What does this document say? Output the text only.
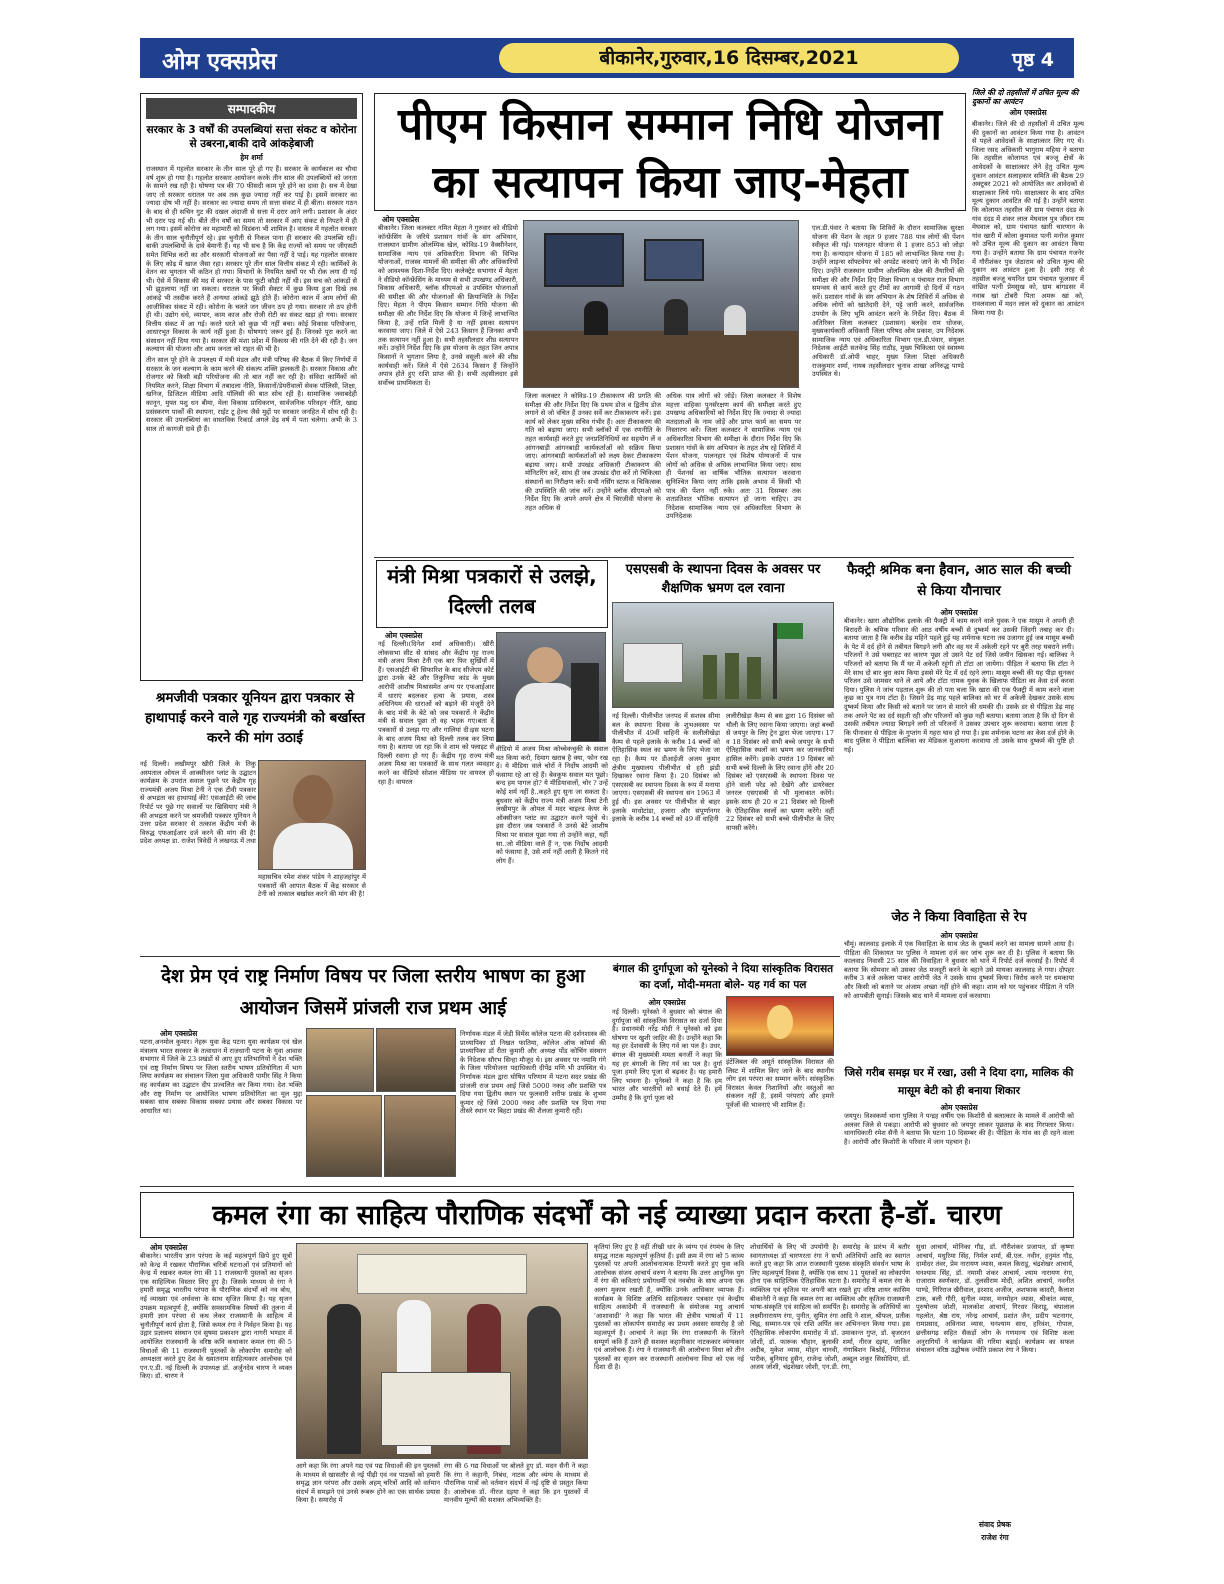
ओम एक्सप्रेस	बीकानेर,गुरुवार,16 दिसम्बर,2021	पृष्ठ 4
सम्पादकीय
सरकार के 3 वर्षों की उपलब्धियां सत्ता संकट व कोरोना से उबरना,बाकी दावे आंकड़ेबाजी
हेम शर्मा

राजस्थान में गहलोत सरकार के तीन साल पूरे हो गए हैं। सरकार के कार्यकाल का चौथा वर्ष शुरू हो गया है। गहलोत सरकार आयोजन करके तीन साल की उपलब्धियों को जनता के सामने रख रही है। घोषणा पत्र की 70 फीसदी काम पूरे होने का दावा है। सच में देखा जाए तो सरकार धरातल पर अब तक कुछ ज्यादा नहीं कर पाई है। इसमें सरकार का ज्यादा दोष भी नहीं है। सरकार का ज्यादा समय तो सत्ता संकट में ही बीता। सरकार गठन के बाद से ही सचिन गुट की दखल अंदाजी से सत्ता में दरार आने लगी। प्रशासन के अंदर भी दरार पड़ गई थी। बीते तीन वर्षों का समय तो सरकार में आए संकट से निपटने में ही लग गया। इसमें कोरोना का महामारी को विडंबना भी शामिल है। वास्तव में गहलोत सरकार के तीन साल चुनौतीपूर्ण रहे। इस चुनौती से निकल पाना ही सरकार की उपलब्धि रही। बाकी उपलब्धियों के दावे बेमानी हैं। यह भी सच है कि केंद्र राज्यों को समय पर जीएसटी समेत विभिन्न करों का और सरकारी योजनाओं का पैसा नहीं दे पाई। यह गहलोत सरकार के लिए कोढ़ में खाज जैसा रहा। सरकार पूरे तीन साल वित्तीय संकट में रही। कार्मिकों के वेतन का भुगतान भी कठिन हो गया। विभागों के नियमित खर्चों पर भी रोक लगा दी गई थी। ऐसे में विकास की मद में सरकार के पास फूटी कौड़ी नहीं थी। इस सच को आंकड़ों से भी झुठलाया नहीं जा सकता। धरातल पर किसी सेक्टर में कुछ किया हुआ दिखे तब आंकड़े भी तस्दीक करते हैं अन्यथा आंकड़े झूठे होते हैं। कोरोना काल में आम लोगों की आजीविका संकट में रही। कोरोना के चलते जन जीवन ठप हो गया। सरकार तो ठप होनी ही थी। उद्योग धंधे, व्यापार, काम काज और रोजी रोटी का संकट खड़ा हो गया। सरकार वित्तीय संकट में आ गई। करते धरते को कुछ भी नहीं बचा। कोई विकास परियोजना, आधारभूत विकास के कार्य नहीं हुआ है। घोषणाएं जरूर हुई हैं। जिनको पूरा करने का संसाधन नहीं दिया गया है। सरकार की मंशा प्रदेश में विकास की गति देने की रही है। जन कल्याण की योजना और आम जनता को राहत की भी है।

तीन साल पूरे होने के उपलक्ष्य में मंत्री मंडल और मंत्री परिषद की बैठक में किए निर्णयों में सरकार के जन कल्याण के काम करने की संकल्प शक्ति झलकती है। सरकार विकास और रोजगार को किसी बड़ी परियोजना की तो बात नहीं कर रही है। संविदा कार्मिकों को नियमित करने, शिक्षा विभाग में तबादला नीति, किसानों/डेयरीवालों सेवक पॉलिसी, शिक्षा, खनिज, डिजिटल मीडिया आदि पॉलिसी की बात सोच रही है। सामाजिक जवाबदेही कानून, मुफ्त पशु धन बीमा, मेला विकास प्राधिकरण, सार्वजनिक परिवहन नीति, खाद्य प्रसंस्करण पार्कों की स्थापना, राईट टू हेल्थ जैसे मुद्दों पर सरकार जनहित में सोच रही है। सरकार की उपलब्धियां का वास्तविक रिकार्ड अगले डेढ़ वर्ष में पता चलेगा। अभी के 3 साल तो कागजी दावे ही हैं।

पीएम किसान सम्मान निधि योजना का सत्यापन किया जाए-मेहता
ओम एक्सप्रेस
बीकानेर। जिला कलक्टर नमित मेहता ने गुरुवार को वीडियो कॉन्फ्रेंसिंग के जरिये प्रशासन गांवों के संग अभियान, राजस्थान ग्रामीण ओलम्पिक खेल, कोविड-19 वैक्सीनेशन, सामाजिक न्याय एवं अधिकारिता विभाग की विभिन्न योजनाओं, राजस्व मामलों की समीक्षा की और अधिकारियों को आवश्यक दिशा-निर्देश दिए। कलेक्ट्रेट सभागार में मेहता ने वीडियो कॉन्फ्रेंसिंग के माध्यम से सभी उपखण्ड अधिकारी, विकास अधिकारी, ब्लॉक सीएमओ व उपस्थित योजनाओं की समीक्षा की और योजनाओं की क्रियान्विति के निर्देश दिए। मेहता ने पीएम किसान सम्मान निधि योजना की समीक्षा की और निर्देश दिए कि योजना में जिन्हें लाभान्वित किया है, उन्हें राशि मिली है या नहीं इसका सत्यापन करवाया जाए। जिले में ऐसे 243 किसान हैं जिनका अभी तक सत्यापन नहीं हुआ है। सभी तहसीलदार शीघ्र सत्यापन करें। उन्होंने निर्देश दिए कि इस योजना के तहत जिन अपात्र किसानों ने भुगतान लिया है, उनसे वसूली करने की शीघ्र कार्यवाही करें। जिले में ऐसे 2634 किसान हैं जिन्होंने अपात्र होते हुए राशि प्राप्त की है। सभी तहसीलदार इसे सर्वोच्च प्राथमिकता दें।
जिला कलक्टर ने कोविड-19 टीकाकरण की प्रगति की समीक्षा की और निर्देश दिए कि प्रथम डोज व द्वितीय डोज लगाने से जो वंचित हैं उनका सर्वे कर टीकाकरण करें। इस कार्य को लेकर मुख्य सचिव गंभीर हैं। अतः टीकाकरण की गति को बढ़ाया जाए। सभी ब्लॉकों में एक रणनीति के तहत कार्यवाही करते हुए जनप्रतिनिधियों का सहयोग लें व आंगनबाड़ी आंगनबाड़ी कार्यकर्ताओं को सक्रिय किया जाए। आंगनबाड़ी कार्यकर्ताओं को लक्ष्य देकर टीकाकरण बढ़ाया जाए। सभी उपखंड अधिकारी टीकाकरण की मॉनिटरिंग करें, साथ ही जब उपखंड दौरा करें तो चिकित्सा संस्थानों का निरीक्षण करें। सभी नर्सिंग स्टाफ व चिकित्सक की उपस्थिति की जांच करें। उन्होंने ब्लॉक सीएमओ को निर्देश दिए कि अपने अपने क्षेत्र में चिरंजीवी योजना के तहत अधिक से
अधिक पात्र लोगों को जोड़ें। जिला कलक्टर ने विशेष महत्ता वाहिका पुनर्संरक्षण कार्य की समीक्षा करते हुए उपखण्ड अधिकारियों को निर्देश दिए कि ज्यादा से ज्यादा मतदाताओं के नाम जोड़ें और प्राप्त फार्म का समय पर निस्तारण करें। जिला कलक्टर ने सामाजिक न्याय एवं अधिकारिता विभाग की समीक्षा के दौरान निर्देश दिए कि प्रशासन गांवों के संग अभियान के तहत शेष रहे शिविरों में पेंशन योजना, पालनहार एवं विशेष योग्यजनों में पात्र लोगों को अधिक से अधिक लाभान्वित किया जाए। साथ ही पेंशनर्स का वार्षिक भौतिक सत्यापन करवाना सुनिश्चित किया जाए ताकि इसके अभाव में किसी भी पात्र की पेंशन नहीं रुके। अतः 31 दिसम्बर तक शतप्रतिशत भौतिक सत्यापन हो जाना चाहिए। उप निदेशक सामाजिक न्याय एवं अधिकारिता विभाग के उपनिदेशक
एल.डी.पंवार ने बताया कि शिविरों के दौरान सामाजिक सुरक्षा योजना की पेंशन के तहत 9 हजार 788 पात्र लोगों की पेंशन स्वीकृत की गई। पालनहार योजना से 1 हजार 853 को जोड़ा गया है। कन्यादान योजना में 185 को लाभान्वित किया गया है। उन्होंने लाइन्स सॉफ्टवेयर को अपडेट करवाएं जाने के भी निर्देश दिए। उन्होंने राजस्थान ग्रामीण ओलम्पिक खेल की तैयारियों की समीक्षा की और निर्देश दिए शिक्षा विभाग व पंचायत राज विभाग समन्वय से कार्य करते हुए टीमों का आगामी दो दिनों में गठन करें। प्रशासन गांवों के संग अभियान के शेष शिविरों में अधिक से अधिक लोगों को खातेदारी देने, पट्टे जारी करने, सार्वजनिक उपयोग के लिए भूमि आवंटन करने के निर्देश दिए। बैठक में अतिरिक्त जिला कलक्टर (प्रशासन) बलदेव राम धोजक, मुख्यकार्यकारी अधिकारी जिला परिषद ओम प्रकाश, उप निदेशक सामाजिक न्याय एवं अधिकारिता विभाग एल.डी.पंवार, संयुक्त निदेशक आईटी सतवेन्द्र सिंह राठौड़, मुख्य चिकित्सा एवं स्वास्थ्य अधिकारी डॉ.ओपी चाहर, मुख्य जिला शिक्षा अधिकारी राजकुमार शर्मा, नायब तहसीलदार चुनाव शाखा अनिरुद्ध पाण्डे उपस्थित थे।
जिले की दो तहसीलों में उचित मूल्य की दुकानों का आवंटन
ओम एक्सप्रेस
बीकानेर। जिले की दो तहसीलों में उचित मूल्य की दुकानों का आवंटन किया गया है। आवंटन से पहले आवेदकों के साक्षात्कार लिए गए थे। जिला रसद अधिकारी भागुराम महिया ने बताया कि तहसील कोलायत एवं बज्जू क्षेत्रों के आवेदकों के साक्षात्कार लेने हेतु उचित मूल्य दुकान आवंटन सलाहकार समिति की बैठक 29 अक्टूबर 2021 को आयोजित कर आवेदकों से साक्षात्कार लिये गये। साक्षात्कार के बाद उचित मूल्य दुकान आवंटित की गई है। उन्होंने बताया कि कोलायत तहसील की ग्राम पंचायत दंदड के गांव दंदड में शंकर लाल मेघवाल पुत्र जीवन राम मेघवाल को, ग्राम पंचायत खारी चारणान के गांव खारी में कोला कुमावत पत्नी मनोज कुमार को उचित मूल्य की दुकान का आवंटन किया गया है। उन्होंने बताया कि ग्राम पंचायत गजनेर में गौरीशंकर पुत्र जेठाराम को उचित मूल्य की दुकान का आवंटन हुआ है। इसी तरह से तहसील बज्जू चयनित ग्राम पंचायत फूलासर में वांछित पत्नी प्रेमसुख को, ग्राम बांगडसर में नवाब खां टोबरी पिता अमरू खां को, रावलवाला में मदन लाल को दुकान का आवंटन किया गया है।
श्रमजीवी पत्रकार यूनियन द्वारा पत्रकार से हाथापाई करने वाले गृह राज्यमंत्री को बर्खास्त करने की मांग उठाई
नई दिल्ली। लखीमपुर खीरी जिले के तिकु अस्पताल ओयल में आक्सीजन प्लांट के उद्घाटन कार्यक्रम के उपरांत सवाल पूछने पर केंद्रीय गृह राज्यमंत्री अजय मिश्रा टेनी ने एक टीवी पत्रकार से अभद्रता का हाथापाई की! एसआईटी की जांच रिपोर्ट पर पूछे गए सवालों पर खिसियाए मंत्री ने की अभद्रता करने पर श्रमजीवी पत्रकार यूनियन ने उत्तर प्रदेश सरकार से तत्काल केंद्रीय मंत्री के विरुद्ध एफआईआर दर्ज करने की मांग की है! प्रदेश अध्यक्ष डा. राजेश त्रिवेदी ने लखनऊ में तथा
महासचिव रमेश शंकर पांडेय ने शाहजहांपुर में पत्रकारों की आपात बैठक में केंद्र सरकार से टेनी को तत्काल बर्खास्त करने की मांग की है!
मंत्री मिश्रा पत्रकारों से उलझे, दिल्ली तलब
ओम एक्सप्रेस
नई दिल्ली।(दिनेश शर्मा अधिकारी)। खीरी लोकसभा सीट से सांसद और केंद्रीय गृह राज्य मंत्री अजय मिश्रा टेनी एक बार फिर सुर्खियों में हैं। एसआईटी की सिफारिश के बाद सीजेएम कोर्ट द्वारा उनके बेटे और तिकुनिया कांड के मुख्य आरोपी आशीष मिश्रासमेत अन्य पर एफआईआर में धाराएं बदलकर हत्या के प्रयास, शस्त्र अधिनियम की धाराओं को बढ़ाने की मंजूरी देने के बाद मंत्री के बेटे को जब पत्रकारों ने केंद्रीय मंत्री से सवाल पूछा तो वह भड़क गए।बता दें पत्रकारों से उलझ गए और गालियां दी।इस घटना के बाद अजय मिश्रा को दिल्ली तलब कर लिया गया है। बताया जा रहा कि वे शाम को फ्लाइट से दिल्ली रवाना हो गए हैं। केंद्रीय गृह राज्य मंत्री अजय मिश्रा का पत्रकारों के साथ गलत व्यवहार करने का वीडियो सोशल मीडिया पर वायरल हो रहा है। वायरल
वीडियो में अजय मिश्रा कोच्चेकचुकी के सवाल मत किया करो, दिमाग खराब है क्या, फोन रख दें। ये मीडिया वाले चोरों ने निर्दोष आदमी को फंसाया रहे आ रहे हैं। बेवकूफ सवाल मत पूछो। बन्द हम पागल हो? ये मीडियावालों, चोर ? उन्हें कोई शर्म नहीं है..कहते हुए सुना जा सकता है। बुधवार को केंद्रीय राज्य मंत्री अजय मिश्रा टेनी लखीमपुर के ओयल में मदर चाइल्ड केयर के ऑक्सीजन प्लांट का उद्घाटन करने पहुंचे थे। इस दौरान जब पत्रकारों ने उनसे बेटे आशीष मिश्रा पर सवाल पूछा गया तो उन्होंने कहा, यहीं सा..जो मीडिया वाले हैं न, एक निर्दोष आदमी को फंसाया है, उसे शर्म नहीं आती है कितने गंदे लोग हैं।
एसएसबी के स्थापना दिवस के अवसर पर शैक्षणिक भ्रमण दल रवाना
नई दिल्ली। पीलीभीत जनपद में सशस्त्र सीमा बल के स्थापना दिवस के शुभअवसर पर पीलीभीत में 49वीं वाहिनी के सलीलीखेड़ा कैम्प से पहले इलाके के करीब 14 बच्चों को ऐतिहासिक स्थल का भ्रमण के लिए भेजा जा रहा है। कैम्प पर डीआईजी अजय कुमार क्षेत्रीय मुख्यालय पीलीभीत से हरी झंडी दिखाकर रवाना किया है। 20 दिसंबर को एसएसबी का स्थापना दिवस के रूप में मनाया जाएगा। एसएसबी की स्थापना सन 1963 में हुई थी। इस अवसर पर पीलीभीत से बाहर इलाके माधोटांडा, हजारा और संपूर्णानगर इलाके के करीब 14 बच्चों को 49 वीं वाहिनी
ललीरीखेड़ा कैम्प से बस द्वारा 16 दिसंबर को थौली के लिए रवाना किया जाएगा। जहां बच्चों से जयपुर के लिए ट्रेन द्वारा भेजा जाएगा। 17 व 18 दिसंबर को सभी बच्चे जयपुर के सभी ऐतिहासिक स्थलों का भ्रमण कर जानकारियां हासिल करेंगे। इसके उपरांत 19 दिसंबर को सभी बच्चे दिल्ली के लिए रवाना होंगे और 20 दिसंबर को एसएसबी के स्थापना दिवस पर होने वाली परेड को देखेंगे और डायरेक्टर जनरल एसएसबी से भी मुलाकात करेंगे। इसके साथ ही 20 व 21 दिसंबर को दिल्ली के ऐतिहासिक स्थलों का भ्रमण करेंगे। वहीं 22 दिसंबर को सभी बच्चे पीलीभीत के लिए वापसी करेंगे।
फैक्ट्री श्रमिक बना हैवान, आठ साल की बच्ची से किया यौनाचार
ओम एक्सप्रेस
बीकानेर। खारा औद्योगिक इलाके की फैक्ट्री में काम करने वाले युवक ने एक मासूम ने अपनी ही बिरादरी के श्रमिक परिवार की आठ वर्षीय बच्ची से दुष्कर्म कर उसकी जिंदगी तबाह कर दी। बताया जाता है कि करीब डेढ़ महिने पहले हुई यह शर्मनाक घटना तब उजागर हुई जब मासूम बच्ची के पेट में दर्द होने से तबीयत बिगड़ने लगी और वह घर में अकेली रहने पर बुरी तरह घबराने लगी। परिजनों ने उसे घबराहट का कारण पूछा तो उसने पेट दर्द जिसे जमीन खिसका गई। बालिका ने परिजनों को बताया कि मैं घर में अकेली रहूंगी तो टॉटा आ जायेगा। पीड़िता ने बताया कि टॉटा ने मेरे साथ दो बार बुरा काम किया इससे मेरे पेट में दर्द रहने लगा। मासूम बच्ची की यह पीड़ा सुनकर परिजन उसे जामसर थाने ले आये और टॉटा नामक युवक के खिलाफ पीडिता का केस दर्ज करवा दिया। पुलिस ने जांच पड़ताल शुरू की तो पता चला कि खारा की एक फैक्ट्री में काम करने वाला कुछ का पुत्र नाम टॉटा है। जिसने डेढ़ माह पहले बालिका को घर में अकेली देखकर उसके साथ दुष्कर्म किया और किसी को बताने पर जान से मारने की धमकी दी। उसके डर से पीड़िता डेढ़ माह तक अपने पेट का दर्द सहती रही और परिजनों को कुछ नहीं बताया। बताया जाता है कि दो दिन से उसकी तबीयत ज्यादा बिगड़ने लगी तो परिजनों ने उसका उपचार शुरू करवाया। बताया जाता है कि पीनावार से पीड़िता के गुप्तांग में गहरा घाव हो गया है। इस शर्मनाक घटना का केस दर्ज होने के बाद पुलिस ने पीड़िता बालिका का मेडिकल मुआयना करवाया तो उसके साथ दुष्कर्म की पुष्टि हो गई।
जेठ ने किया विवाहिता से रेप
ओम एक्सप्रेस
चौमूं। कालवाड़ इलाके में एक विवाहिता के साथ जेठ के दुष्कर्म करने का मामला सामने आया है। पीड़िता की शिकायत पर पुलिस ने मामला दर्ज कर जांच शुरू कर दी है। पुलिस ने बताया कि कालवाड़ निवासी 25 साल की विवाहिता ने बुधवार को थाने में रिपोर्ट दर्ज करवाई है। रिपोर्ट में बताया कि सोमवार को उसका जेठ मजदूरी करने के बहाने उसे मायका कालवाड़ ले गया। दोपहर करीब 3 बजे अकेला पाकर आरोपी जेठ ने उसके साथ दुष्कर्म किया। विरोध करने पर धमकाया और किसी को बताने पर अंजाम अच्छा नहीं होने की कहा। शाम को घर पहुंचकर पीड़िता ने पति को आपबीती सुनाई। जिसके बाद थाने में मामला दर्ज करवाया।
देश प्रेम एवं राष्ट्र निर्माण विषय पर जिला स्तरीय भाषण का हुआ आयोजन जिसमें प्रांजली राज प्रथम आई
ओम एक्सप्रेस
पटना,अनमोल कुमार। नेहरू युवा केंद्र पटना युवा कार्यक्रम एवं खेल मंत्रालय भारत सरकार के तत्वाधान में राजधानी पटना के युवा आवास सभागार में जिले के 23 प्रखंडों से आए हुए प्रतिभागियों ने देश भक्ति एवं राष्ट्र निर्माण विषय पर जिला स्तरीय भाषण प्रतियोगिता में भाग लिया कार्यक्रम का संचालन जिला युवा अधिकारी पामीर सिंह ने किया वह कार्यक्रम का उद्घाटन दीप प्रज्वलित कर किया गया। देश भक्ति और राष्ट्र निर्माण पर आयोजित भाषण प्रतियोगिता का मूल मुद्दा सबका साथ सबका विकास सबका प्रयास और सबका विकास पर आधारित था।
निर्णायक मंडल में जेडी विमेंस कॉलेज पटना की दर्शनशास्त्र की प्राध्यापिका डॉ निखत फातिमा, कॉलेज ऑफ कॉमर्स की प्राध्यापिका डॉ रीता कुमारी और अध्यक्ष पोंड कोचिंग संस्थान के निदेशक सौरभ सिन्हा मौजूद थे। इस अवसर पर नमामि गंगे के जिला परियोजना पदाधिकारी दीपेंद्र मणि भी उपस्थित थे। निर्णायक मंडल द्वारा घोषित परिणाम में पटना सदर प्रखंड की प्रांजली राज प्रथम आई जिसे 5000 नकद और प्रशस्ति पत्र दिया गया द्वितीय स्थान पर फुलवारी शरीफ प्रखंड के शुभम कुमार रहे जिसे 2000 नकद और प्रशस्ति पत्र दिया गया तीसरे स्थान पर बिहटा प्रखंड की शैलजा कुमारी रही।
बंगाल की दुर्गापूजा को यूनेस्को ने दिया सांस्कृतिक विरासत का दर्जा, मोदी-ममता बोले- यह गर्व का पल
ओम एक्सप्रेस
नई दिल्ली। यूनेस्को ने बुधवार को बंगाल की दुर्गापूजा को सांस्कृतिक विरासत का दर्जा दिया है। प्रधानमंत्री नरेंद्र मोदी ने यूनेस्को को इस घोषणा पर खुशी जाहिर की है। उन्होंने कहा कि यह हर देशवासी के लिए गर्व का पल है। उधर, बंगाल की मुख्यमंत्री ममता बनर्जी ने कहा कि यह हर बंगाली के लिए गर्व का पल है। दुर्गा पूजा हमारे लिए पूजा से बढ़कर है। यह हमारी लिए भावना है। यूनेस्को ने कहा है कि हम भारत और भारतीयों को बधाई देते हैं। हमें उम्मीद है कि दुर्गा पूजा को
इंटेंजिबल की अमूर्त सांस्कृतिक विरासत की लिस्ट में शामिल किए जाने के बाद स्थानीय लोग इस परंपरा का सम्मान करेंगे। सांस्कृतिक विरासत केवल निशानियों और वस्तुओं का संकलन नहीं है, इसमें परंपराएं और हमारे पूर्वजों की भावनाएं भी शामिल हैं।
जिसे गरीब समझ घर में रखा, उसी ने दिया दगा, मालिक की मासूम बेटी को ही बनाया शिकार
ओम एक्सप्रेस
जयपुर। विश्वकर्मा थाना पुलिस ने पन्द्रह वर्षीय एक किशोरी से बलात्कार के मामले में आरोपी को अलवर जिले से पकड़ा। आरोपी को बुधवार को जयपुर लाकर पूछताछ के बाद गिरफ्तार किया। थानाधिकारी रमेश सैनी ने बताया कि घटना 10 दिसम्बर की है। पीड़िता के गांव का ही रहने वाला है। आरोपी और किशोरी के परिवार में जान पहचान है।
कमल रंगा का साहित्य पौराणिक संदर्भों को नई व्याख्या प्रदान करता है-डॉ. चारण
ओम एक्सप्रेस
बीकानेर। भारतीय ज्ञान परंपरा के कई महत्वपूर्ण छिपे हुए सूत्रों को केन्द्र में रखकर पौराणिक चरित्रों घटनाओं एवं प्रतिमानों को केन्द्र में रखकर कमल रंगा की 11 राजस्थानी पुस्तकों का सृजन एक साहित्यिक विस्तार लिए हुए है। जिसके माध्यम से रंगा ने हमारी समृद्ध भारतीय परंपरा के पौराणिक संदर्भों को नव बोध, नई व्याख्या एवं अर्थवत्ता के साथ सृजित किया है। यह सृजन उपक्रम महत्वपूर्ण है, क्योंकि समसामयिक विषयों की तुलना में हमारी ज्ञान परंपरा से कथ लेकर राजस्थानी के साहित्य में चुनौतीपूर्ण कार्य होता है, जिसे कमल रंगा ने निर्वहन किया है। यह उद्गार प्रज्ञालय संस्थान एवं सुषमा प्रकाशन द्वारा नागरी भण्डार में आयोजित राजस्थानी के वरिष्ठ कवि कथाकार कमल रंगा की 5 विधाओं की 11 राजस्थानी पुस्तकों के लोकार्पण समारोह को अध्यक्षता करते हुए देश के ख्यातनाम साहित्यकार आलोचक एवं एन.ए.डी. नई दिल्ली के उपाध्यक्ष डॉ. अर्जुनदेव चारण ने व्यक्त किए। डॉ. चारण ने
आगे कहा कि रंगा अपने गद्य एवं पद्य विधाओं की इन पुस्तकों के माध्यम से खासतौर से नई पीढ़ी एवं नव पाठकों को हमारी समृद्ध ज्ञान परंपरा और उसके अहम् चरित्रों आदि को वर्तमान संदर्भ में समझने एवं उनसे रूबरू होने का एक सार्थक प्रयास किया है। समारोह में
रंगा की 6 गद्य विधाओं पर बोलते हुए डॉ. मदन सैनी ने कहा कि रंगा ने कहानी, निबंध, नाटक और व्यंग्य के माध्यम से पौराणिक पात्रों को वर्तमान संदर्भ में नई दृष्टि से प्रस्तुत किया है। आलोचक डॉ. नीरज दइया ने कहा कि इन पुस्तकों में मानवीय मूल्यों की सशक्त अभिव्यक्ति है।
कृतियां लिए हुए है वहीं तीखी धार के व्यंग्य एवं रंगमंच के लिए समृद्ध नाटक महत्वपूर्ण कृतियां हैं। इसी क्रम में रंगा को 5 काव्य पुस्तकों पर अपनी आलोचनात्मक टिप्पणी करते हुए युवा कवि आलोचक संजय आचार्य वरुण ने बताया कि उत्तर आधुनिक युग में रंगा की कविताएं प्रयोगधर्मी एवं नवबोध के साथ अपना एक अलग मुकाम रखती हैं, क्योंकि उनके आधिकार व्यापक हैं। कार्यक्रम के विशिष्ट अतिथि साहित्यकार पत्रकार एवं केन्द्रीय साहित्य अकादेमी में राजस्थानी के संयोजक मधु आचार्य 'आशावादी' ने कहा कि भारत की क्षेत्रीय भाषाओं में 11 पुस्तकों का लोकार्पण समारोह का प्रथम अवसर समारोह है जो महत्वपूर्ण है। आचार्य ने कहा कि रंगा राजस्थानी के जितने सम्पूर्ण कवि हैं उतने ही सशक्त कहानीकार नाटककार व्यंग्यकार एवं आलोचक हैं। रंगा ने राजस्थानी की आलोचना विधा को तीन पुस्तकों का सृजन कर राजस्थानी आलोचना विधा को एक नई दिशा दी है।
शोधार्थियों के लिए भी उपयोगी है। समारोह के प्रारंभ में बतौर स्वागताध्यक्ष डॉ चारणरता रंगा ने सभी अतिथियों आदि का स्वागत करते हुए कहा कि आज राजस्थानी पुस्तक संस्कृति संवर्धन भाषा के लिए महत्वपूर्ण दिवस है, क्योंकि एक साथ 11 पुस्तकों का लोकार्पण होना एक साहित्यिक ऐतिहासिक घटना है। समारोह में कमल रंगा के व्यक्तित्व एवं कृतित्व पर अपनी बात रखते हुए वरिष्ठ शायर कासिम बीकानेरी ने कहा कि कमल रंगा का व्यक्तित्व और कृतित्व राजस्थानी भाषा-संस्कृति एवं साहित्य को समर्पित है। समारोह के अतिथियों का लक्ष्मीनारायण रंगा, पुनीत, सुमित रंगा आदि ने शाल, श्रीफल, प्रतीक चिह्न, सम्मान-पत्र एवं राशि अर्पित कर अभिनन्दन किया गया। इस ऐतिहासिक लोकार्पण समारोह में डॉ. उमाकान्त गुप्त, डॉ. बृजरतन जोशी, डॉ. फारूक चौहान, बुलाकी शर्मा, नीरज दइया, जाकिर अदीब, मुकेश व्यास, मोहन थानवी, गंगाबिशन बिश्नोई, गिरिराज पारीक, बुनियाद हुसैन, राजेन्द्र जोशी, अब्दुल शकूर सिसोदिया, डॉ. अजय जोशी, चंद्रशेखर जोशी, एन.डी. रंगा,
सुधा आचार्य, मोनिका गौड़, डॉ. गौरीशंकर प्रजापत, डॉ कृष्णा आचार्य, मधुरिमा सिंह, निर्मल शर्मा, बी.एल. नवीन, हनुमंत गौड़, दामोदर तंवर, प्रेम नारायण व्यास, कमल किराडू, चंद्रशेखर आचार्य, घनश्याम सिंह, डॉ. नमामी शंकर आचार्य, श्याम नारायण रंगा, राजाराम स्वर्णकार, डॉ. तुलसीराम मोदी, अशित आचार्य, नवनीत पाण्डे, गिरिराज खैरीवाल, इरशाद अजीज, अशफाक कादरी, कैलाश टाक, बली गौरी, सुनील व्यास, मनमोहन व्यास, श्रीकांत व्यास, पुरुषोत्तम जोशी, मालकोश आचार्य, गिरधर किराडू, चंपालाल गहलोत, श्रेष्ठ राय, नरेन्द्र आचार्य, प्रशांत जैन, प्रदीप भटनागर, रामप्रसाद, अविनाश व्यास, घनश्याम साध, हरिवंश, गोपाल, छत्तीसगढ़ सहित सैकड़ों लोग के गणमान्य एवं विशिष्ट कला अनुरागियों ने कार्यक्रम की गरिमा बढ़ाई। कार्यक्रम का सफल संचालन वरिष्ठ उद्घोषक ज्योति प्रकाश रंगा ने किया।
संवाद प्रेषक
राजेश रंगा
